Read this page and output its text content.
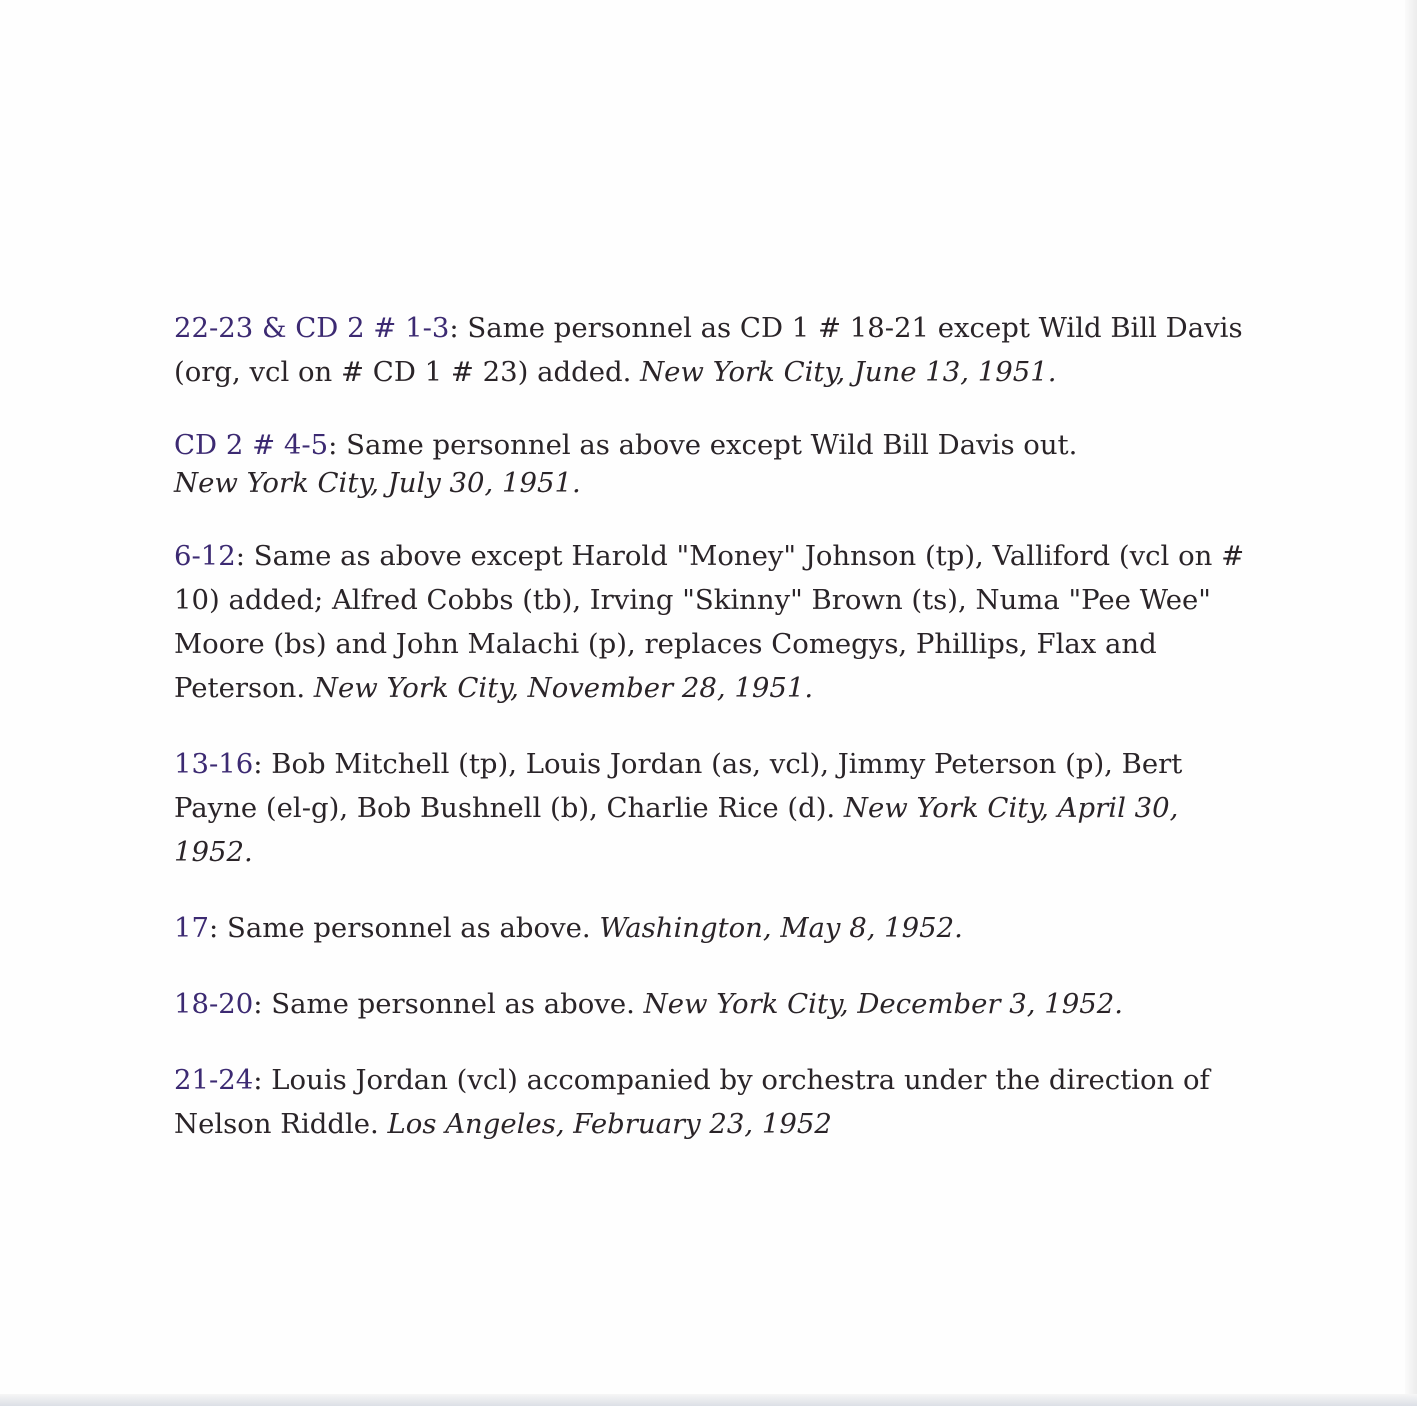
22-23 & CD 2 # 1-3: Same personnel as CD 1 # 18-21 except Wild Bill Davis (org, vcl on # CD 1 # 23) added. New York City, June 13, 1951.

CD 2 # 4-5: Same personnel as above except Wild Bill Davis out.
New York City, July 30, 1951.

6-12: Same as above except Harold "Money" Johnson (tp), Valliford (vcl on # 10) added; Alfred Cobbs (tb), Irving "Skinny" Brown (ts), Numa "Pee Wee" Moore (bs) and John Malachi (p), replaces Comegys, Phillips, Flax and Peterson. New York City, November 28, 1951.

13-16: Bob Mitchell (tp), Louis Jordan (as, vcl), Jimmy Peterson (p), Bert Payne (el-g), Bob Bushnell (b), Charlie Rice (d). New York City, April 30, 1952.

17: Same personnel as above. Washington, May 8, 1952.

18-20: Same personnel as above. New York City, December 3, 1952.

21-24: Louis Jordan (vcl) accompanied by orchestra under the direction of Nelson Riddle. Los Angeles, February 23, 1952
